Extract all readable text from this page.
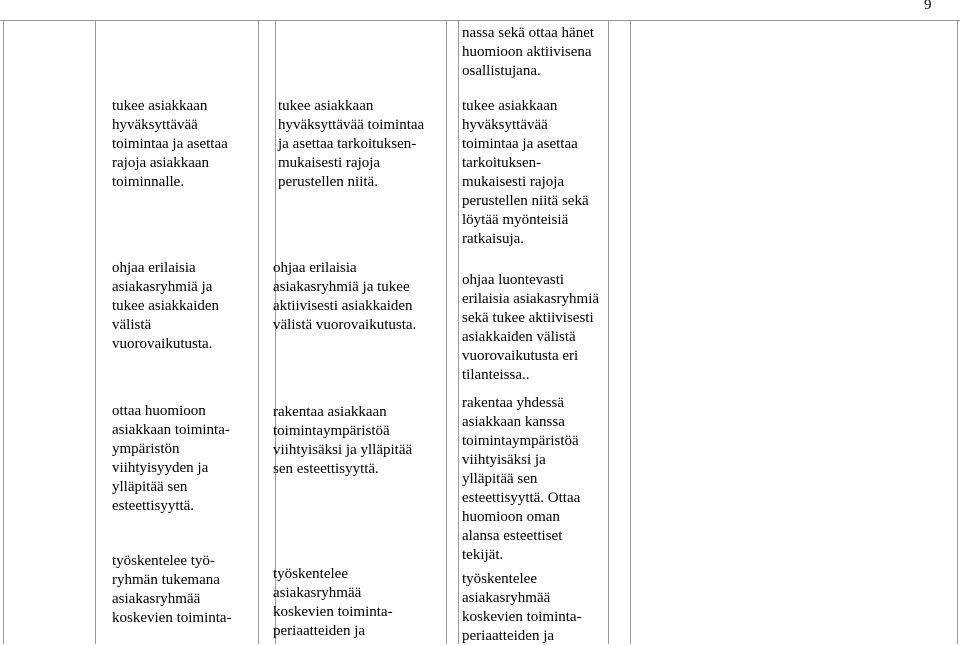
9
nassa sekä ottaa hänet
huomioon aktiivisena
osallistujana.
tukee asiakkaan
hyväksyttävää
toimintaa ja asettaa
rajoja asiakkaan
toiminnalle.
tukee asiakkaan
hyväksyttävää toimintaa
ja asettaa tarkoituksen-
mukaisesti rajoja
perustellen niitä.
tukee asiakkaan
hyväksyttävää
toimintaa ja asettaa
tarkoituksen-
mukaisesti rajoja
perustellen niitä sekä
löytää myönteisiä
ratkaisuja.
ohjaa erilaisia
asiakasryhmiä ja
tukee asiakkaiden
välistä
vuorovaikutusta.
ohjaa erilaisia
asiakasryhmiä ja tukee
aktiivisesti asiakkaiden
välistä vuorovaikutusta.
ohjaa luontevasti
erilaisia asiakasryhmiä
sekä tukee aktiivisesti
asiakkaiden välistä
vuorovaikutusta eri
tilanteissa..
ottaa huomioon
asiakkaan toiminta-
ympäristön
viihtyisyyden ja
ylläpitää sen
esteettisyyttä.
rakentaa asiakkaan
toimintaympäristöä
viihtyisäksi ja ylläpitää
sen esteettisyyttä.
rakentaa yhdessä
asiakkaan kanssa
toimintaympäristöä
viihtyisäksi ja
ylläpitää sen
esteettisyyttä. Ottaa
huomioon oman
alansa esteettiset
tekijät.
työskentelee työ-
ryhmän tukemana
asiakasryhmää
koskevien toiminta-
työskentelee
asiakasryhmää
koskevien toiminta-
periaatteiden ja
työskentelee
asiakasryhmää
koskevien toiminta-
periaatteiden ja
